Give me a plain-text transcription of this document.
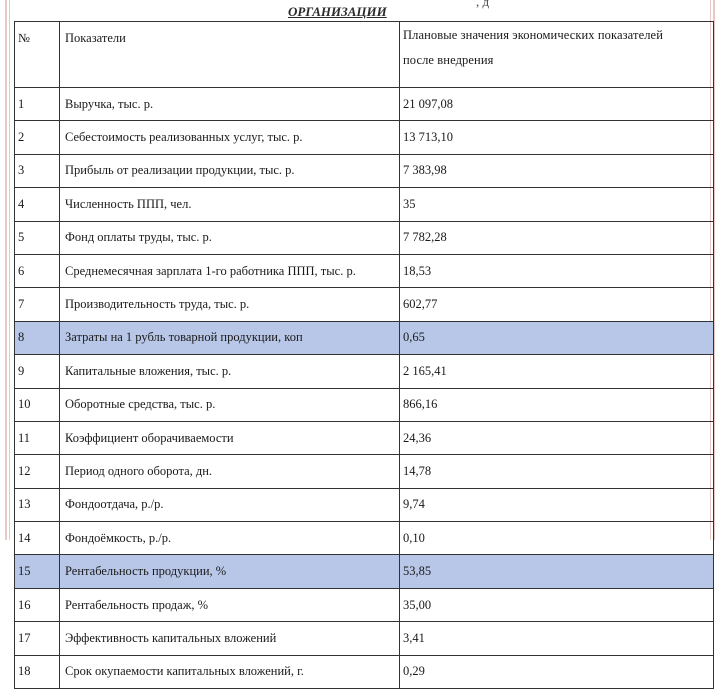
, д
ОРГАНИЗАЦИИ
№	Показатели	Плановые значения экономических показателей
после внедрения

1	Выручка, тыс. р.	21 097,08
2	Себестоимость реализованных услуг, тыс. р.	13 713,10
3	Прибыль от реализации продукции, тыс. р.	7 383,98
4	Численность ППП, чел.	35
5	Фонд оплаты труды, тыс. р.	7 782,28
6	Среднемесячная зарплата 1-го работника ППП, тыс. р.	18,53
7	Производительность труда, тыс. р.	602,77
8	Затраты на 1 рубль товарной продукции, коп	0,65
9	Капитальные вложения, тыс. р.	2 165,41
10	Оборотные средства, тыс. р.	866,16
11	Коэффициент оборачиваемости	24,36
12	Период одного оборота, дн.	14,78
13	Фондоотдача, р./р.	9,74
14	Фондоёмкость, р./р.	0,10
15	Рентабельность продукции, %	53,85
16	Рентабельность продаж, %	35,00
17	Эффективность капитальных вложений	3,41
18	Срок окупаемости капитальных вложений, г.	0,29
